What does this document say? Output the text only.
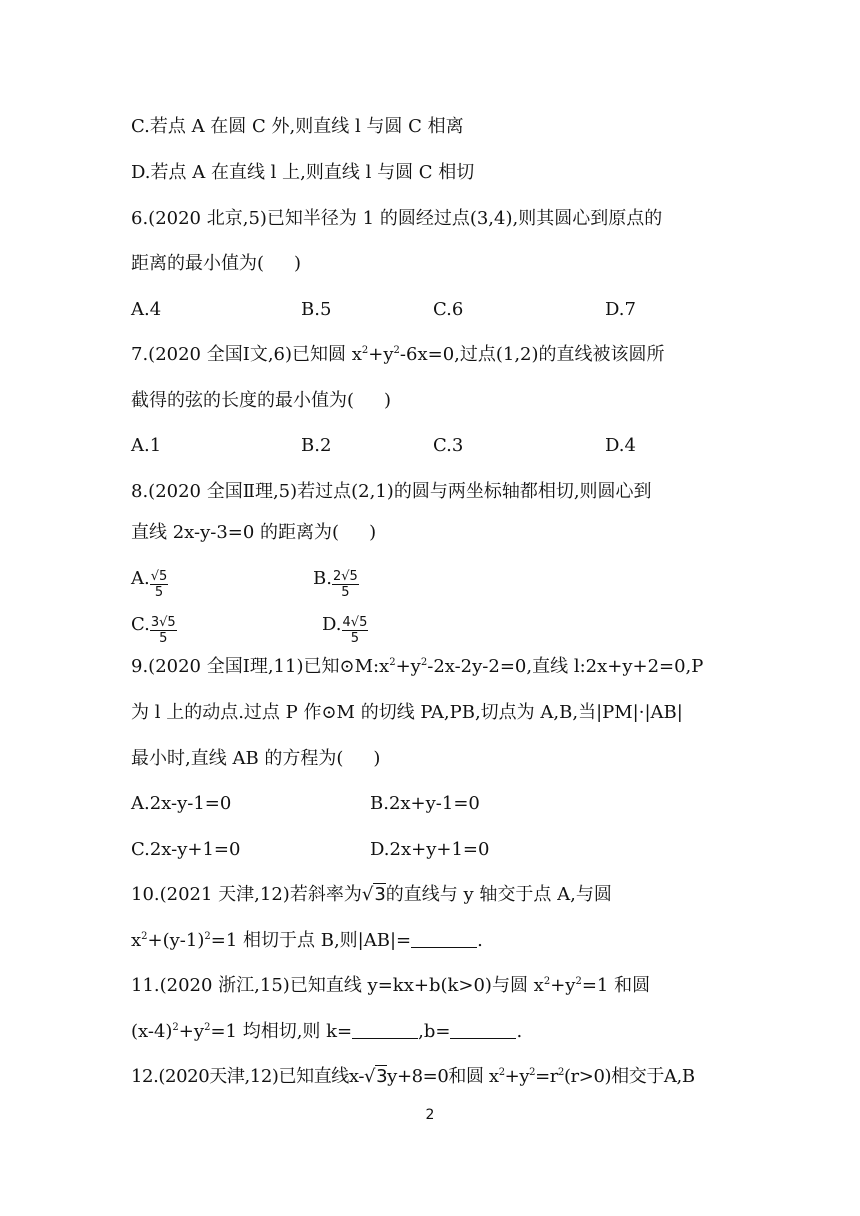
C.若点 A 在圆 C 外,则直线 l 与圆 C 相离
D.若点 A 在直线 l 上,则直线 l 与圆 C 相切
6.(2020 北京,5)已知半径为 1 的圆经过点(3,4),则其圆心到原点的
距离的最小值为( )
A.4	B.5	C.6	D.7
7.(2020 全国Ⅰ文,6)已知圆 $x^2+y^2-6x=0$,过点(1,2)的直线被该圆所
截得的弦的长度的最小值为( )
A.1	B.2	C.3	D.4
8.(2020 全国Ⅱ理,5)若过点(2,1)的圆与两坐标轴都相切,则圆心到
直线 2x-y-3=0 的距离为( )
A. $\frac{√5}{5}$	B. $\frac{2√5}{5}$
C. $\frac{3√5}{5}$	D. $\frac{4√5}{5}$
9.(2020 全国Ⅰ理,11)已知$⊙M:x^2+y^2-2x-2y-2=0$,直线 l:2x+y+2=0,P
为 l 上的动点.过点 P 作⊙M 的切线 PA,PB,切点为 A,B,当|PM|·|AB|
最小时,直线 AB 的方程为( )
A.2x-y-1=0	B.2x+y-1=0
C.2x-y+1=0	D.2x+y+1=0
10.(2021 天津,12)若斜率为√3的直线与 y 轴交于点 A,与圆
$x^2+(y-1)^2=1$ 相切于点 B,则|AB|=	.
11.(2020 浙江,15)已知直线 y=kx+b(k>0)与圆 $x^2+y^2=1$ 和圆
$(x-4)^2+y^2=1$ 均相切,则 k=	,b=	.
12.(2020天津,12)已知直线x-√3y+8=0和圆 $x^2+y^2=r^2(r>0)$相交于A,B
2
